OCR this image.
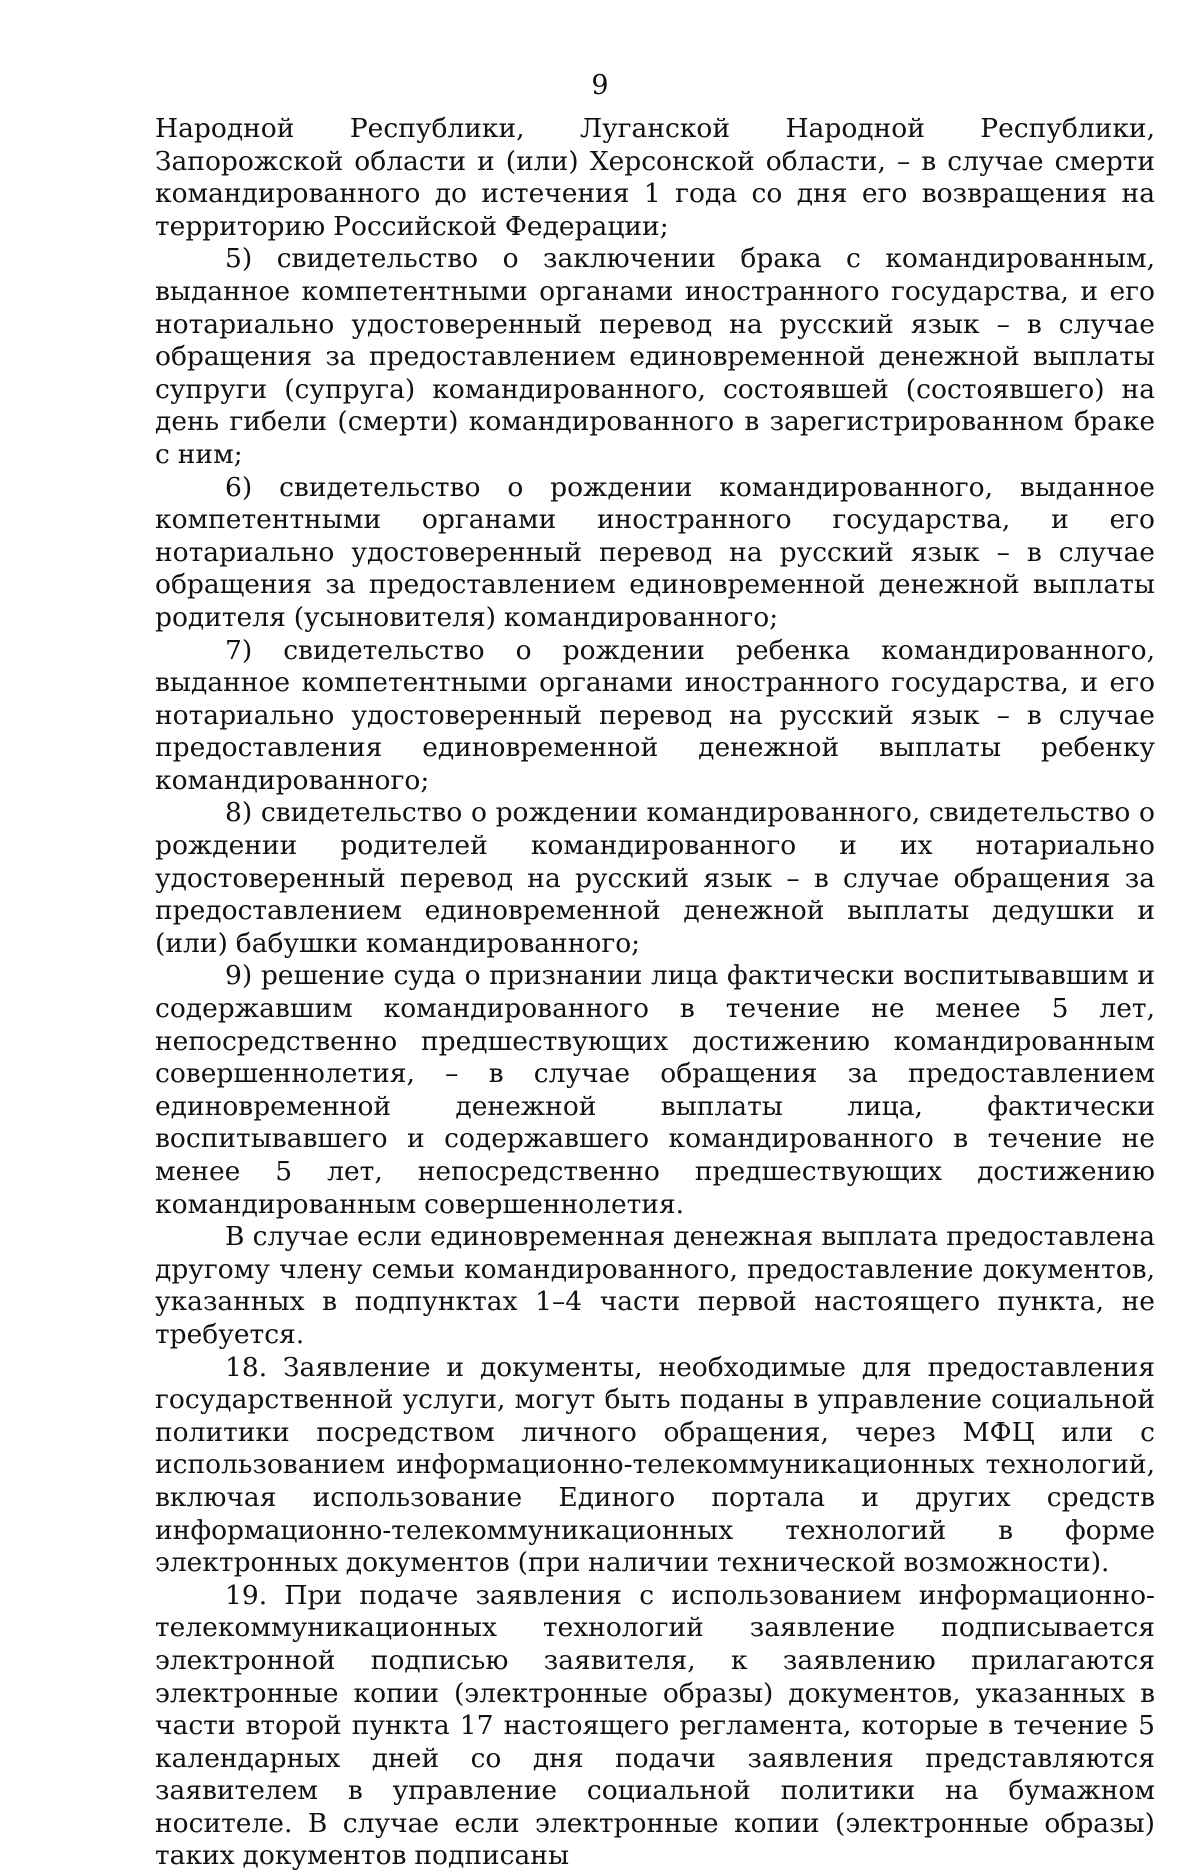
9

Народной Республики, Луганской Народной Республики, Запорожской области и (или) Херсонской области, – в случае смерти командированного до истечения 1 года со дня его возвращения на территорию Российской Федерации;

5) свидетельство о заключении брака с командированным, выданное компетентными органами иностранного государства, и его нотариально удостоверенный перевод на русский язык – в случае обращения за предоставлением единовременной денежной выплаты супруги (супруга) командированного, состоявшей (состоявшего) на день гибели (смерти) командированного в зарегистрированном браке с ним;

6) свидетельство о рождении командированного, выданное компетентными органами иностранного государства, и его нотариально удостоверенный перевод на русский язык – в случае обращения за предоставлением единовременной денежной выплаты родителя (усыновителя) командированного;

7) свидетельство о рождении ребенка командированного, выданное компетентными органами иностранного государства, и его нотариально удостоверенный перевод на русский язык – в случае предоставления единовременной денежной выплаты ребенку командированного;

8) свидетельство о рождении командированного, свидетельство о рождении родителей командированного и их нотариально удостоверенный перевод на русский язык – в случае обращения за предоставлением единовременной денежной выплаты дедушки и (или) бабушки командированного;

9) решение суда о признании лица фактически воспитывавшим и содержавшим командированного в течение не менее 5 лет, непосредственно предшествующих достижению командированным совершеннолетия, – в случае обращения за предоставлением единовременной денежной выплаты лица, фактически воспитывавшего и содержавшего командированного в течение не менее 5 лет, непосредственно предшествующих достижению командированным совершеннолетия.

В случае если единовременная денежная выплата предоставлена другому члену семьи командированного, предоставление документов, указанных в подпунктах 1–4 части первой настоящего пункта, не требуется.

18. Заявление и документы, необходимые для предоставления государственной услуги, могут быть поданы в управление социальной политики посредством личного обращения, через МФЦ или с использованием информационно-телекоммуникационных технологий, включая использование Единого портала и других средств информационно-телекоммуникационных технологий в форме электронных документов (при наличии технической возможности).

19. При подаче заявления с использованием информационно-телекоммуникационных технологий заявление подписывается электронной подписью заявителя, к заявлению прилагаются электронные копии (электронные образы) документов, указанных в части второй пункта 17 настоящего регламента, которые в течение 5 календарных дней со дня подачи заявления представляются заявителем в управление социальной политики на бумажном носителе. В случае если электронные копии (электронные образы) таких документов подписаны
